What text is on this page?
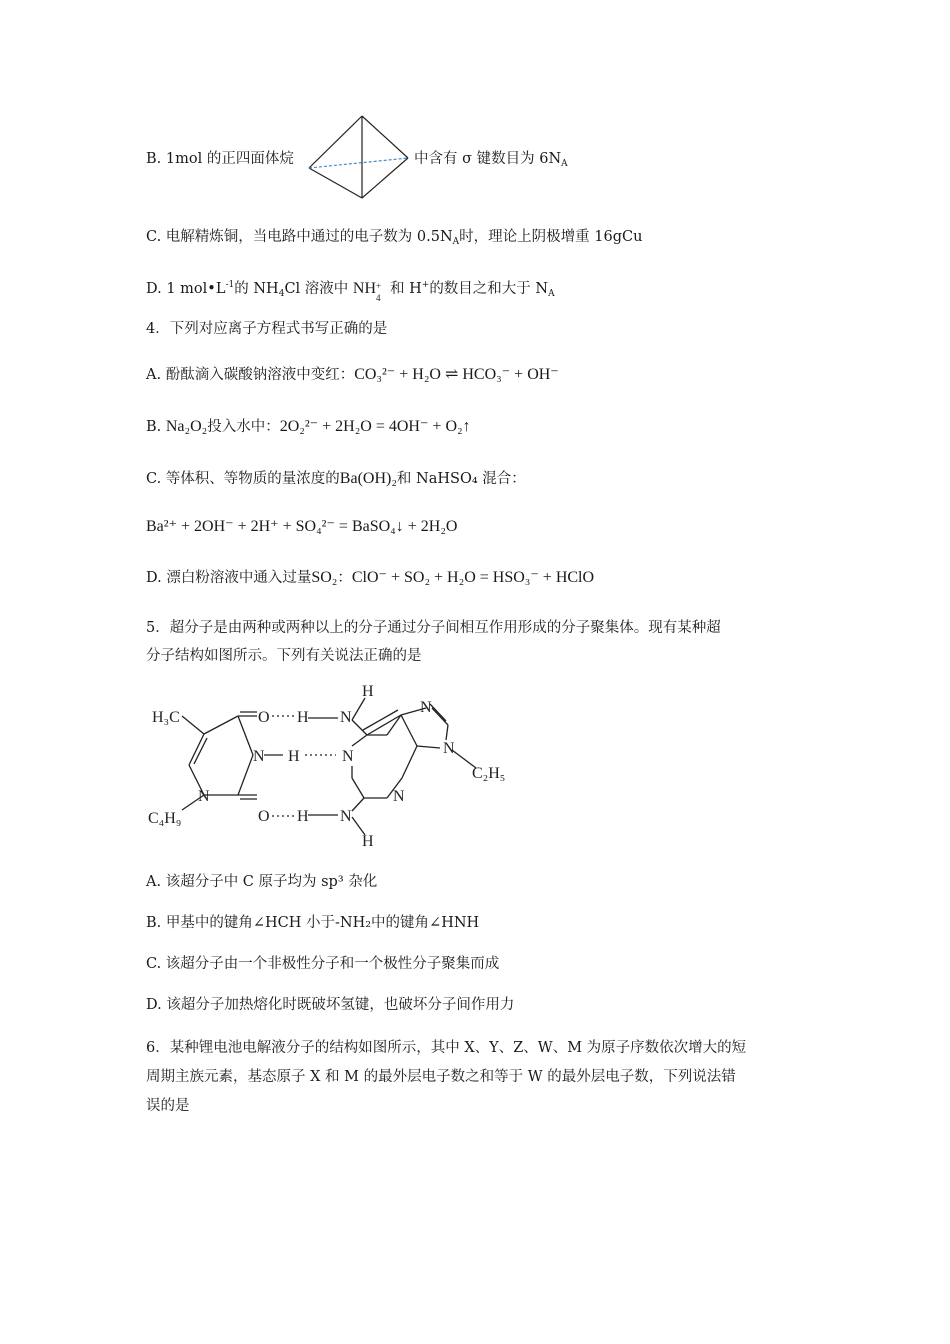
B. 1mol 的正四面体烷	中含有 σ 键数目为 $6N_A$
C. 电解精炼铜，当电路中通过的电子数为 $0.5N_A$时，理论上阴极增重 16gCu
D. 1 $mol•L^{-1}$的 $NH_4Cl$ 溶液中 NH +
4
和 H+的数目之和大于 $N_A$
4．下列对应离子方程式书写正确的是
A. 酚酞滴入碳酸钠溶液中变红：CO₃²⁻ + H₂O ⇌ HCO₃⁻ + OH⁻
B. Na₂O₂投入水中：2O₂²⁻ + 2H₂O = 4OH⁻ + O₂↑
C. 等体积、等物质的量浓度的Ba(OH)₂和 NaHSO₄ 混合：
Ba²⁺ + 2OH⁻ + 2H⁺ + SO₄²⁻ = BaSO₄↓ + 2H₂O
D. 漂白粉溶液中通入过量SO₂：ClO⁻ + SO₂ + H₂O = HSO₃⁻ + HClO
5．超分子是由两种或两种以上的分子通过分子间相互作用形成的分子聚集体。现有某种超
分子结构如图所示。下列有关说法正确的是
H₃C
C₄H₉
O
O
H
H
N H
N
N
H
N
H
N
N
N
N
C₂H₅
A. 该超分子中 C 原子均为 sp³ 杂化
B. 甲基中的键角∠HCH 小于-NH₂中的键角∠HNH
C. 该超分子由一个非极性分子和一个极性分子聚集而成
D. 该超分子加热熔化时既破坏氢键，也破坏分子间作用力
6．某种锂电池电解液分子的结构如图所示，其中 X、Y、Z、W、M 为原子序数依次增大的短
周期主族元素，基态原子 X 和 M 的最外层电子数之和等于 W 的最外层电子数，下列说法错
误的是
